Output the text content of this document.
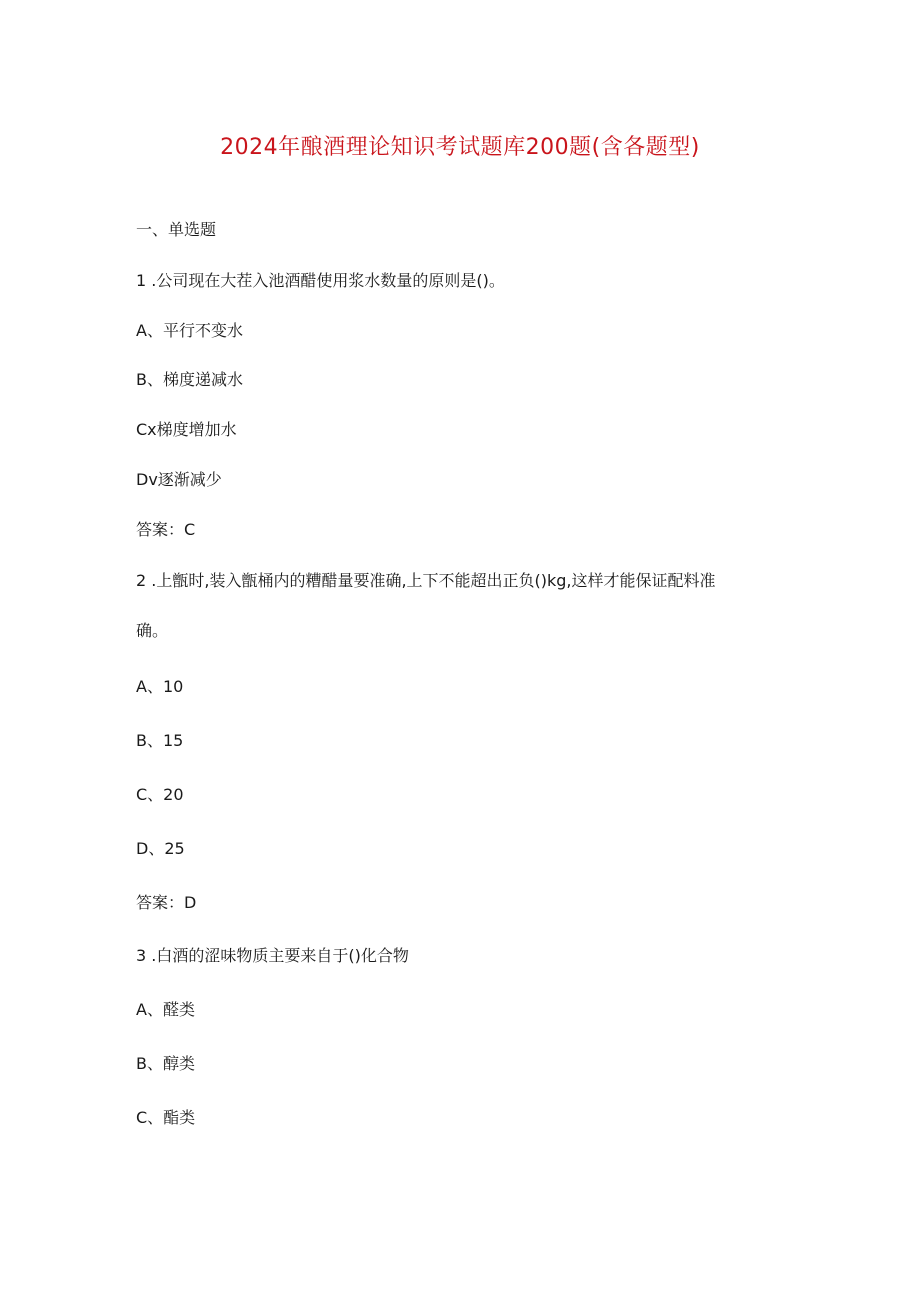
2024年酿酒理论知识考试题库200题(含各题型)
一、单选题
1 .公司现在大茬入池酒醋使用浆水数量的原则是()。
A、平行不变水
B、梯度递减水
Cx梯度增加水
Dv逐渐减少
答案：C
2 .上甑时,装入甑桶内的糟醋量要准确,上下不能超出正负()kg,这样才能保证配料准
确。
A、10
B、15
C、20
D、25
答案：D
3 .白酒的涩味物质主要来自于()化合物
A、醛类
B、醇类
C、酯类
